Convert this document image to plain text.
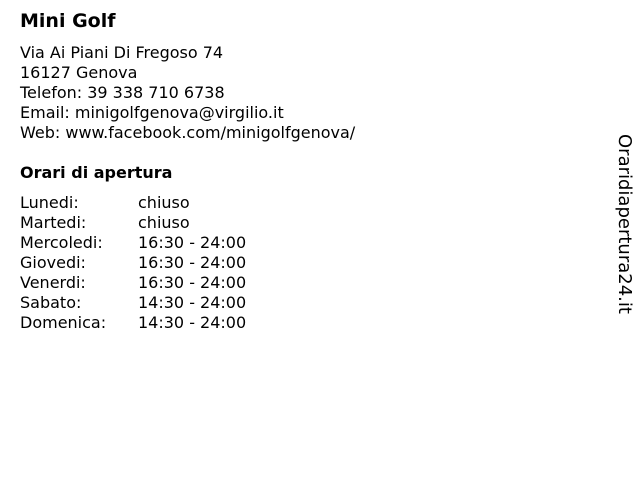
Mini Golf
Via Ai Piani Di Fregoso 74
16127 Genova
Telefon: 39 338 710 6738
Email: minigolfgenova@virgilio.it
Web: www.facebook.com/minigolfgenova/
Orari di apertura
Lunedi:	chiuso
Martedi:	chiuso
Mercoledi:	16:30 - 24:00
Giovedi:	16:30 - 24:00
Venerdi:	16:30 - 24:00
Sabato:	14:30 - 24:00
Domenica:	14:30 - 24:00
Oraridiapertura24.it
